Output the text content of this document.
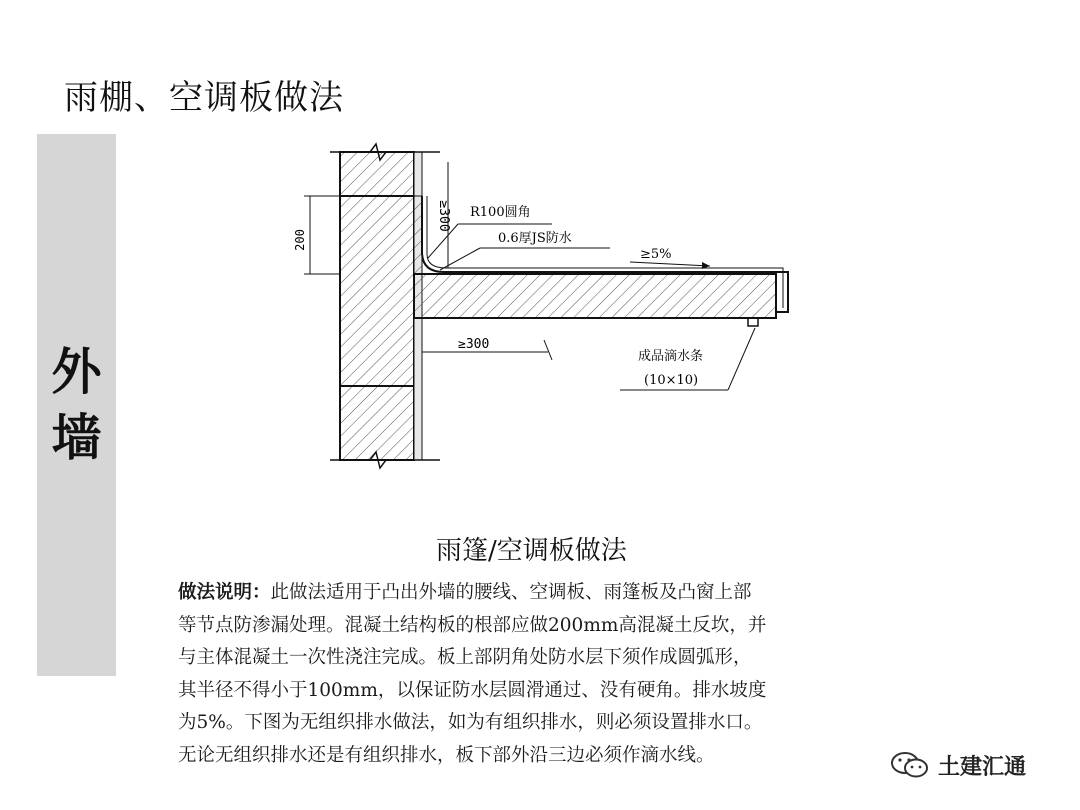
雨棚、空调板做法
外
墙
200
≥300 R100圆角
0.6厚JS防水
≥5%
≥300
成品滴水条
(10×10)
雨篷/空调板做法
做法说明：此做法适用于凸出外墙的腰线、空调板、雨篷板及凸窗上部
等节点防渗漏处理。混凝土结构板的根部应做200mm高混凝土反坎，并
与主体混凝土一次性浇注完成。板上部阴角处防水层下须作成圆弧形，
其半径不得小于100mm，以保证防水层圆滑通过、没有硬角。排水坡度
为5%。下图为无组织排水做法，如为有组织排水，则必须设置排水口。
无论无组织排水还是有组织排水，板下部外沿三边必须作滴水线。	土建汇通
